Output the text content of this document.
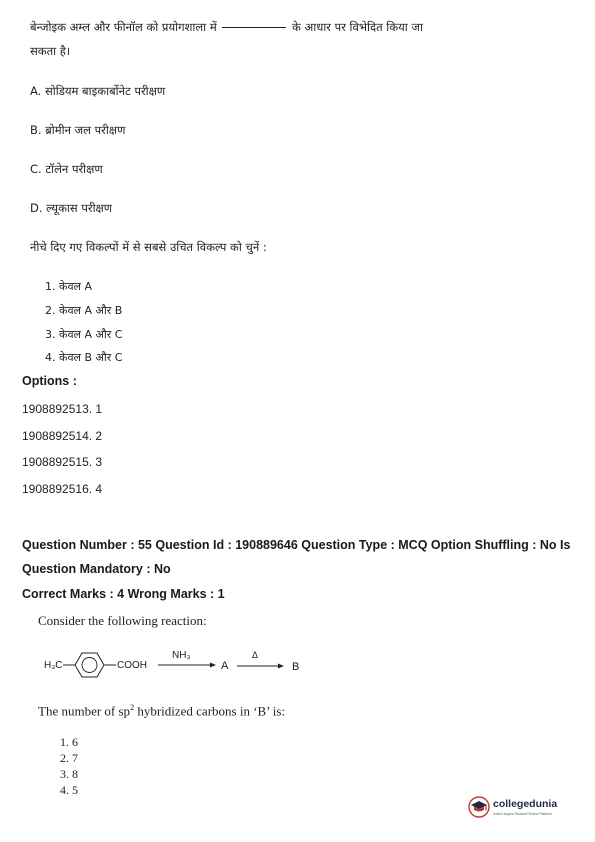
बेन्जोइक अम्ल और फीनॉल को प्रयोगशाला में	के आधार पर विभेदित किया जा
सकता है।
A. सोडियम बाइकार्बोनेट परीक्षण
B. ब्रोमीन जल परीक्षण
C. टॉलेन परीक्षण
D. ल्यूकास परीक्षण
नीचे दिए गए विकल्पों में से सबसे उचित विकल्प को चुनें :
1. केवल A
2. केवल A और B
3. केवल A और C
4. केवल B और C
Options :
1908892513. 1
1908892514. 2
1908892515. 3
1908892516. 4
Question Number : 55 Question Id : 190889646 Question Type : MCQ Option Shuffling : No Is
Question Mandatory : No
Correct Marks : 4 Wrong Marks : 1
Consider the following reaction:
H₃C	COOH
NH₃
A
Δ
B
The number of $sp^2$ hybridized carbons in ‘B’ is:
1. 6
2. 7
3. 8
4. 5
collegedunia
India's largest Student Review Platform
